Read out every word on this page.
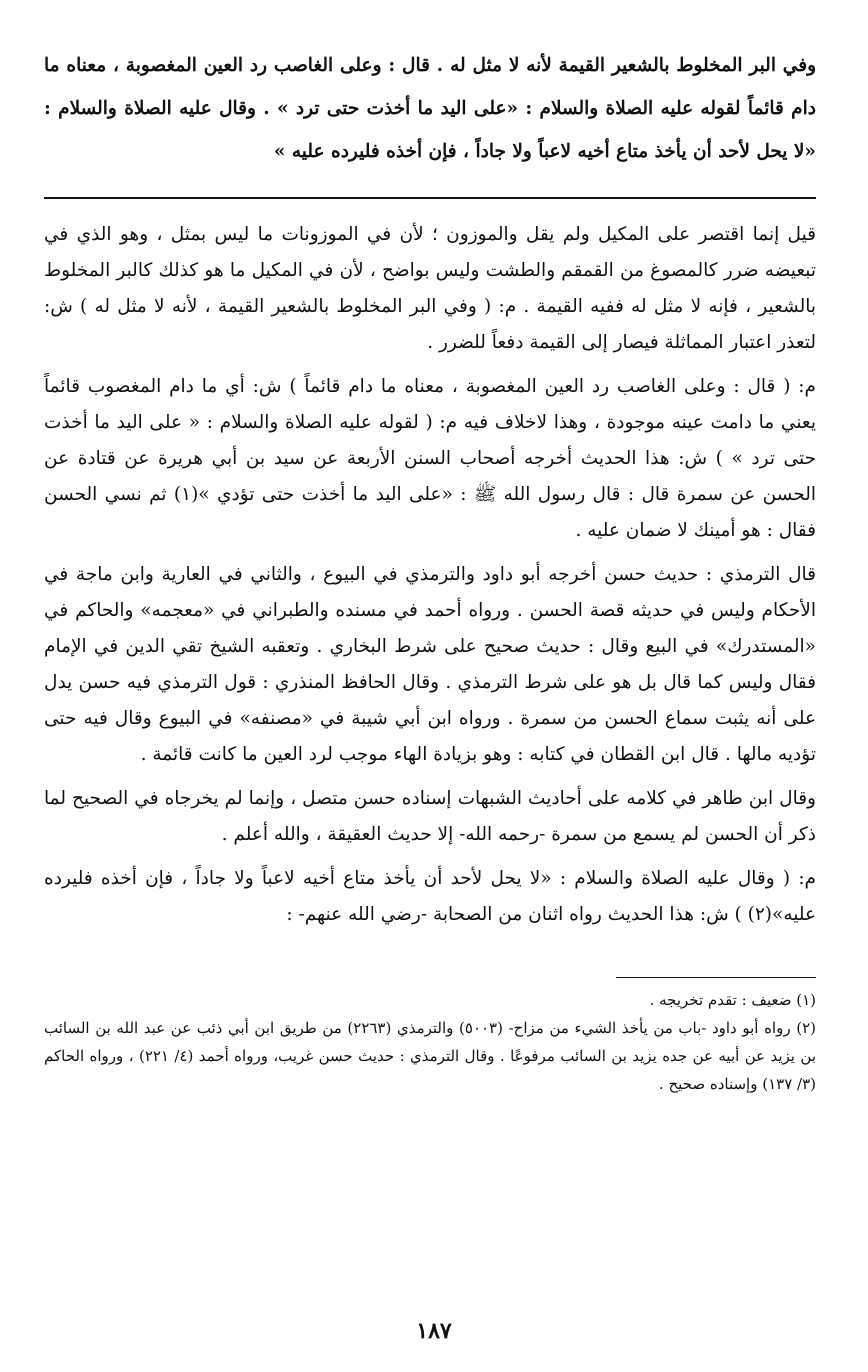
وفي البر المخلوط بالشعير القيمة لأنه لا مثل له . قال : وعلى الغاصب رد العين المغصوبة ، معناه ما دام قائماً لقوله عليه الصلاة والسلام : «على اليد ما أخذت حتى ترد » . وقال عليه الصلاة والسلام : «لا يحل لأحد أن يأخذ متاع أخيه لاعباً ولا جاداً ، فإن أخذه فليرده عليه »

قيل إنما اقتصر على المكيل ولم يقل والموزون ؛ لأن في الموزونات ما ليس بمثل ، وهو الذي في تبعيضه ضرر كالمصوغ من القمقم والطشت وليس بواضح ، لأن في المكيل ما هو كذلك كالبر المخلوط بالشعير ، فإنه لا مثل له ففيه القيمة . م: ( وفي البر المخلوط بالشعير القيمة ، لأنه لا مثل له ) ش: لتعذر اعتبار المماثلة فيصار إلى القيمة دفعاً للضرر .

م: ( قال : وعلى الغاصب رد العين المغصوبة ، معناه ما دام قائماً ) ش: أي ما دام المغصوب قائماً يعني ما دامت عينه موجودة ، وهذا لاخلاف فيه م: ( لقوله عليه الصلاة والسلام : « على اليد ما أخذت حتى ترد » ) ش: هذا الحديث أخرجه أصحاب السنن الأربعة عن سيد بن أبي هريرة عن قتادة عن الحسن عن سمرة قال : قال رسول الله ﷺ : «على اليد ما أخذت حتى تؤدي »(١) ثم نسي الحسن فقال : هو أمينك لا ضمان عليه .

قال الترمذي : حديث حسن أخرجه أبو داود والترمذي في البيوع ، والثاني في العارية وابن ماجة في الأحكام وليس في حديثه قصة الحسن . ورواه أحمد في مسنده والطبراني في «معجمه» والحاكم في «المستدرك» في البيع وقال : حديث صحيح على شرط البخاري . وتعقبه الشيخ تقي الدين في الإمام فقال وليس كما قال بل هو على شرط الترمذي . وقال الحافظ المنذري : قول الترمذي فيه حسن يدل على أنه يثبت سماع الحسن من سمرة . ورواه ابن أبي شيبة في «مصنفه» في البيوع وقال فيه حتى تؤديه مالها . قال ابن القطان في كتابه : وهو بزيادة الهاء موجب لرد العين ما كانت قائمة .

وقال ابن طاهر في كلامه على أحاديث الشبهات إسناده حسن متصل ، وإنما لم يخرجاه في الصحيح لما ذكر أن الحسن لم يسمع من سمرة -رحمه الله- إلا حديث العقيقة ، والله أعلم .

م: ( وقال عليه الصلاة والسلام : «لا يحل لأحد أن يأخذ متاع أخيه لاعباً ولا جاداً ، فإن أخذه فليرده عليه»(٢) ) ش: هذا الحديث رواه اثنان من الصحابة -رضي الله عنهم- :

(١) ضعيف : تقدم تخريجه .

(٢) رواه أبو داود -باب من يأخذ الشيء من مزاح- (٥٠٠٣) والترمذي (٢٢٦٣) من طريق ابن أبي ذئب عن عبد الله بن السائب بن يزيد عن أبيه عن جده يزيد بن السائب مرفوعًا . وقال الترمذي : حديث حسن غريب، ورواه أحمد (٤/ ٢٢١) ، ورواه الحاكم (٣/ ١٣٧) وإسناده صحيح .

١٨٧
